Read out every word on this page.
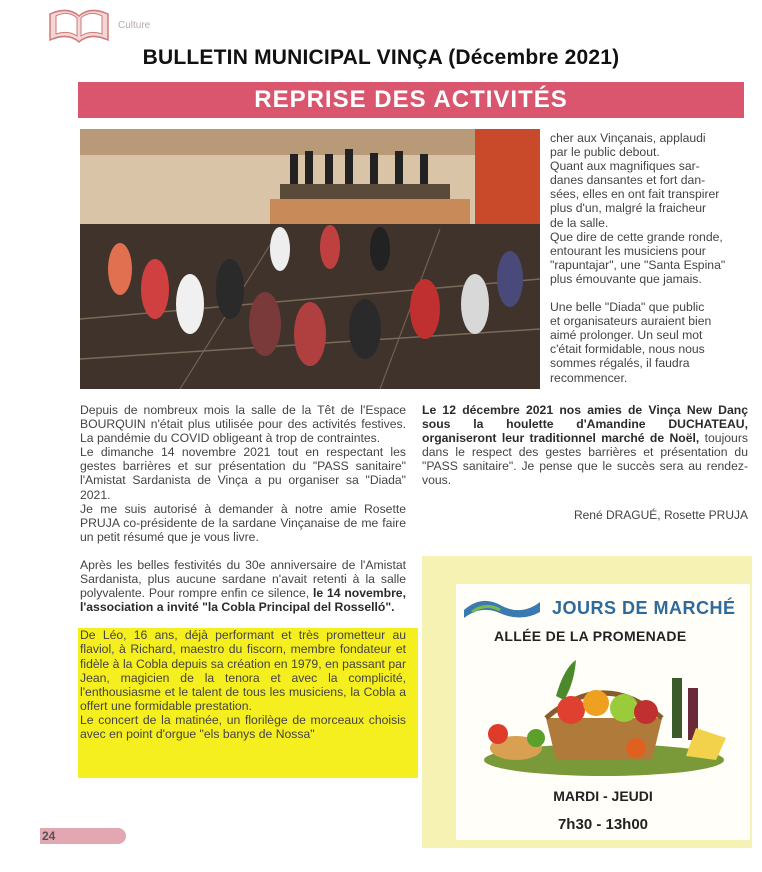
Culture
BULLETIN MUNICIPAL VINÇA (Décembre 2021)
REPRISE DES ACTIVITÉS

cher aux Vinçanais, applaudi

par le public debout.

Quant aux magnifiques sar-

danes dansantes et fort dan-

sées, elles en ont fait transpirer

plus d'un, malgré la fraicheur

de la salle.

Que dire de cette grande ronde,

entourant les musiciens pour

"rapuntajar", une "Santa Espina"

plus émouvante que jamais.

Une belle "Diada" que public

et organisateurs auraient bien

aimé prolonger. Un seul mot

c'était formidable, nous nous

sommes régalés, il faudra

recommencer.

Depuis de nombreux mois la salle de la Têt de l'Espace BOURQUIN n'était plus utilisée pour des activités festives. La pandémie du COVID obligeant à trop de contraintes.

Le dimanche 14 novembre 2021 tout en respectant les gestes barrières et sur présentation du "PASS sanitaire" l'Amistat Sardanista de Vinça a pu organiser sa "Diada" 2021.

Je me suis autorisé à demander à notre amie Rosette PRUJA co-présidente de la sardane Vinçanaise de me faire un petit résumé que je vous livre.

Après les belles festivités du 30e anniversaire de l'Amistat Sardanista, plus aucune sardane n'avait retenti à la salle polyvalente. Pour rompre enfin ce silence, le 14 novembre, l'association a invité "la Cobla Principal del Rosselló".

De Léo, 16 ans, déjà performant et très prometteur au flaviol, à Richard, maestro du fiscorn, membre fondateur et fidèle à la Cobla depuis sa création en 1979, en passant par Jean, magicien de la tenora et avec la complicité, l'enthousiasme et le talent de tous les musiciens, la Cobla a offert une formidable prestation.

Le concert de la matinée, un florilège de morceaux choisis avec en point d'orgue "els banys de Nossa"

Le 12 décembre 2021 nos amies de Vinça New Danç sous la houlette d'Amandine DUCHATEAU, organiseront leur traditionnel marché de Noël, toujours dans le respect des gestes barrières et présentation du "PASS sanitaire". Je pense que le succès sera au rendez-vous.

René DRAGUÉ, Rosette PRUJA
JOURS DE MARCHÉ
ALLÉE DE LA PROMENADE
MARDI - JEUDI
7h30 - 13h00
24
